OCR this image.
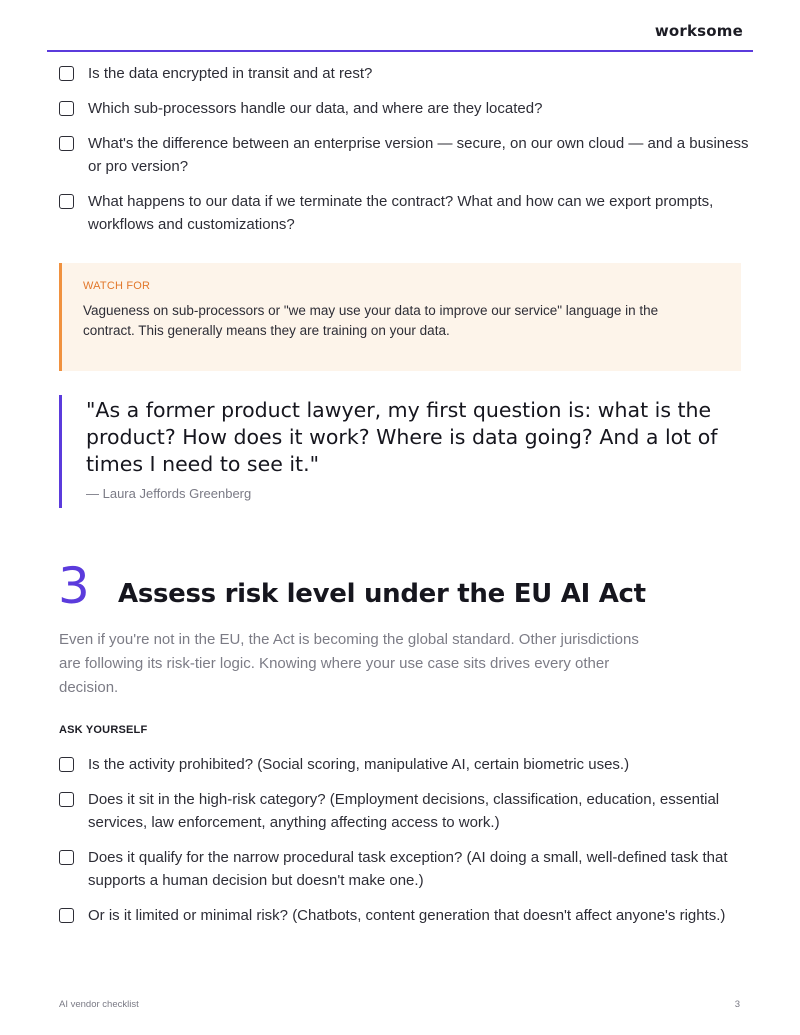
worksome
Is the data encrypted in transit and at rest?
Which sub-processors handle our data, and where are they located?
What's the difference between an enterprise version — secure, on our own cloud — and a business or pro version?
What happens to our data if we terminate the contract? What and how can we export prompts, workflows and customizations?
WATCH FOR
Vagueness on sub-processors or "we may use your data to improve our service" language in the contract. This generally means they are training on your data.
"As a former product lawyer, my first question is: what is the product? How does it work? Where is data going? And a lot of times I need to see it."
— Laura Jeffords Greenberg
3 Assess risk level under the EU AI Act

Even if you're not in the EU, the Act is becoming the global standard. Other jurisdictions are following its risk-tier logic. Knowing where your use case sits drives every other decision.

ASK YOURSELF
Is the activity prohibited? (Social scoring, manipulative AI, certain biometric uses.)
Does it sit in the high-risk category? (Employment decisions, classification, education, essential services, law enforcement, anything affecting access to work.)
Does it qualify for the narrow procedural task exception? (AI doing a small, well-defined task that supports a human decision but doesn't make one.)
Or is it limited or minimal risk? (Chatbots, content generation that doesn't affect anyone's rights.)
AI vendor checklist	3
